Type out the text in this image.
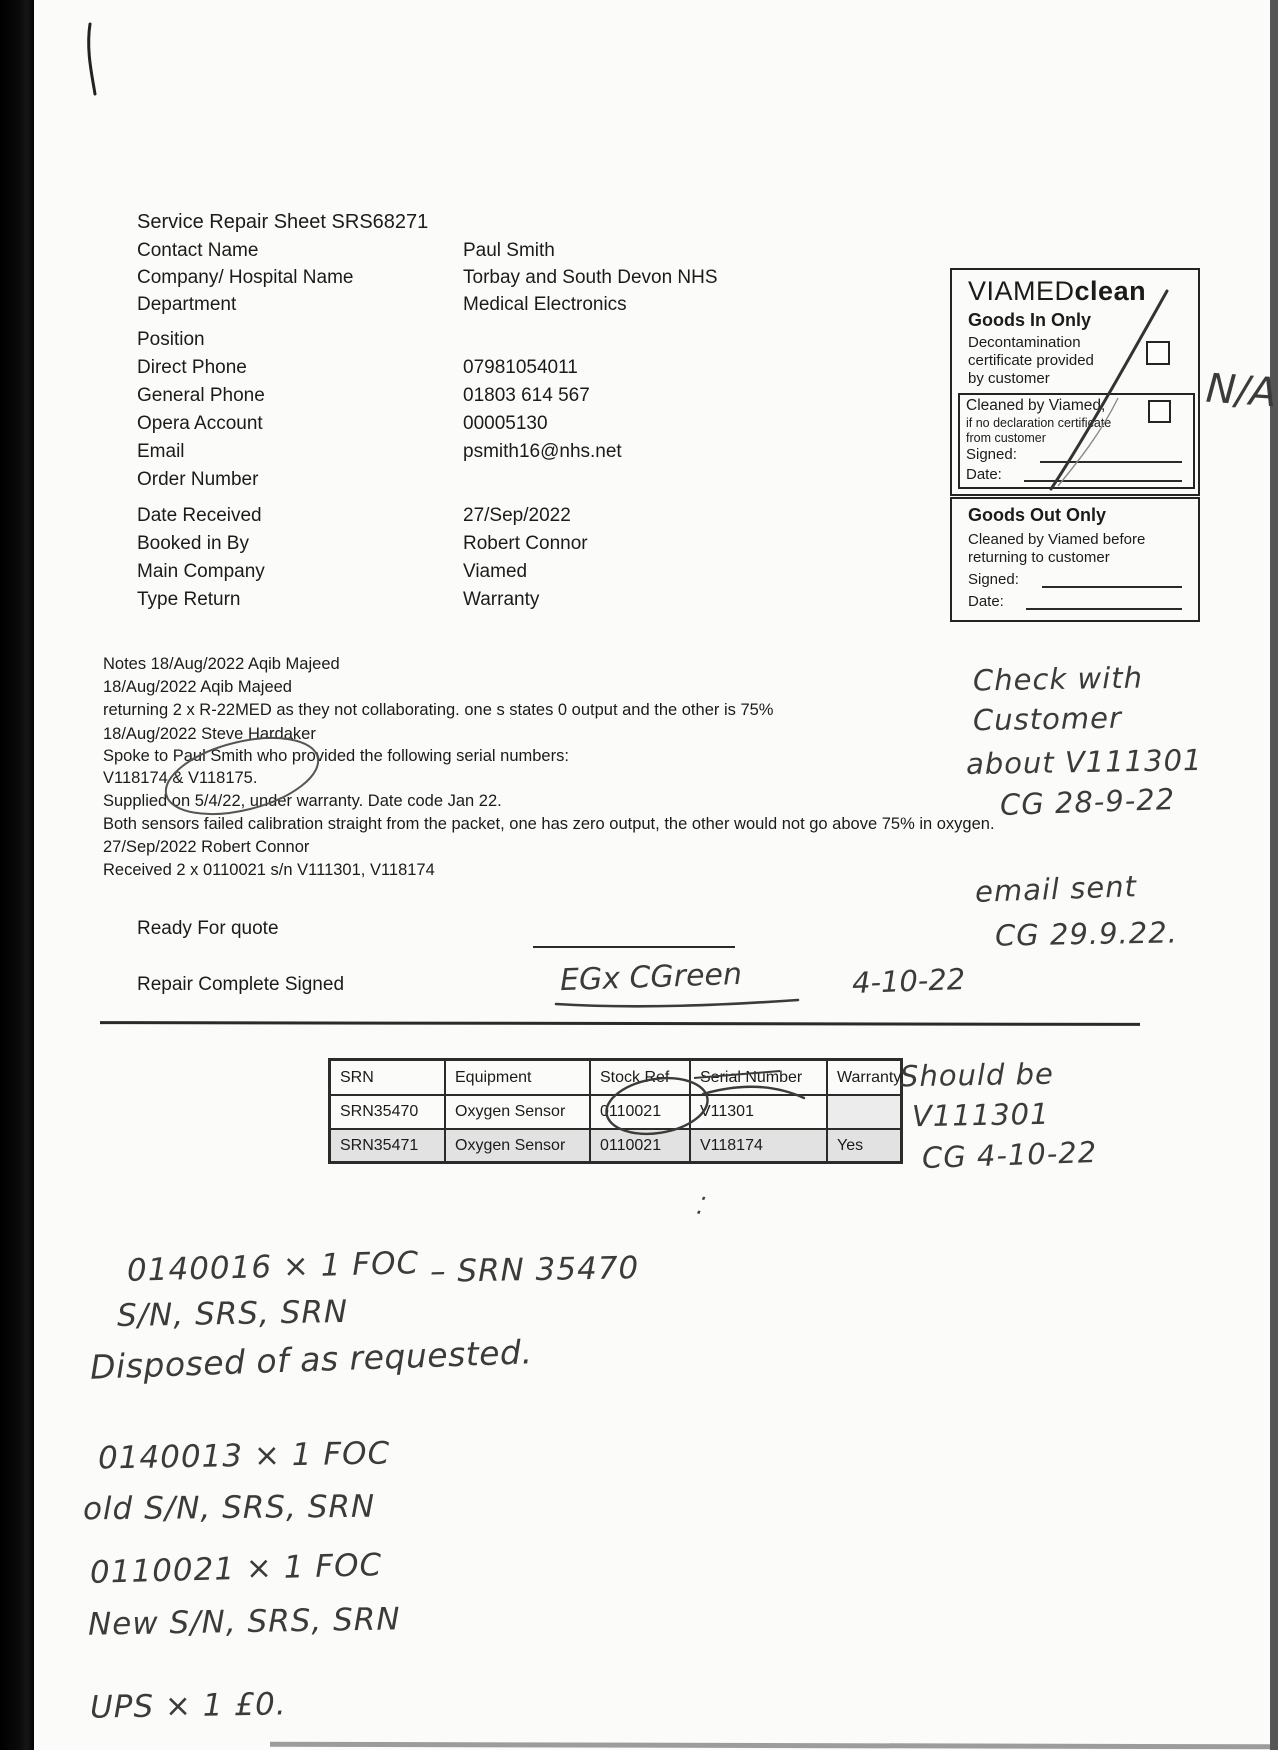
Service Repair Sheet SRS68271
Contact Name	Paul Smith
Company/ Hospital Name	Torbay and South Devon NHS
Department	Medical Electronics
Position
Direct Phone	07981054011
General Phone	01803 614 567
Opera Account	00005130
Email	psmith16@nhs.net
Order Number
Date Received	27/Sep/2022
Booked in By	Robert Connor
Main Company	Viamed
Type Return	Warranty
VIAMEDclean
Goods In Only
Decontamination
certificate provided
by customer
Cleaned by Viamed,
if no declaration certificate
from customer
Signed:
Date:
Goods Out Only
Cleaned by Viamed before
returning to customer
Signed:
Date:
N/A
Notes 18/Aug/2022 Aqib Majeed
18/Aug/2022 Aqib Majeed
returning 2 x R-22MED as they not collaborating. one s states 0 output and the other is 75%
18/Aug/2022 Steve Hardaker
Spoke to Paul Smith who provided the following serial numbers:
V118174 & V118175.
Supplied on 5/4/22, under warranty. Date code Jan 22.
Both sensors failed calibration straight from the packet, one has zero output, the other would not go above 75% in oxygen.
27/Sep/2022 Robert Connor
Received 2 x 0110021 s/n V111301, V118174
Check with
Customer
about V111301
CG 28-9-22
email sent
CG 29.9.22.
Ready For quote
Repair Complete Signed	EGx CGreen	4-10-22
SRN	Equipment	Stock Ref	Serial Number	Warranty
SRN35470	Oxygen Sensor	0110021	V11301
SRN35471	Oxygen Sensor	0110021	V118174	Yes
Should be
V111301
CG 4-10-22
⁚
0140016 × 1 FOC – SRN 35470
S/N, SRS, SRN
Disposed of as requested.
0140013 × 1 FOC
old S/N, SRS, SRN
0110021 × 1 FOC
New S/N, SRS, SRN
UPS × 1 £0.
